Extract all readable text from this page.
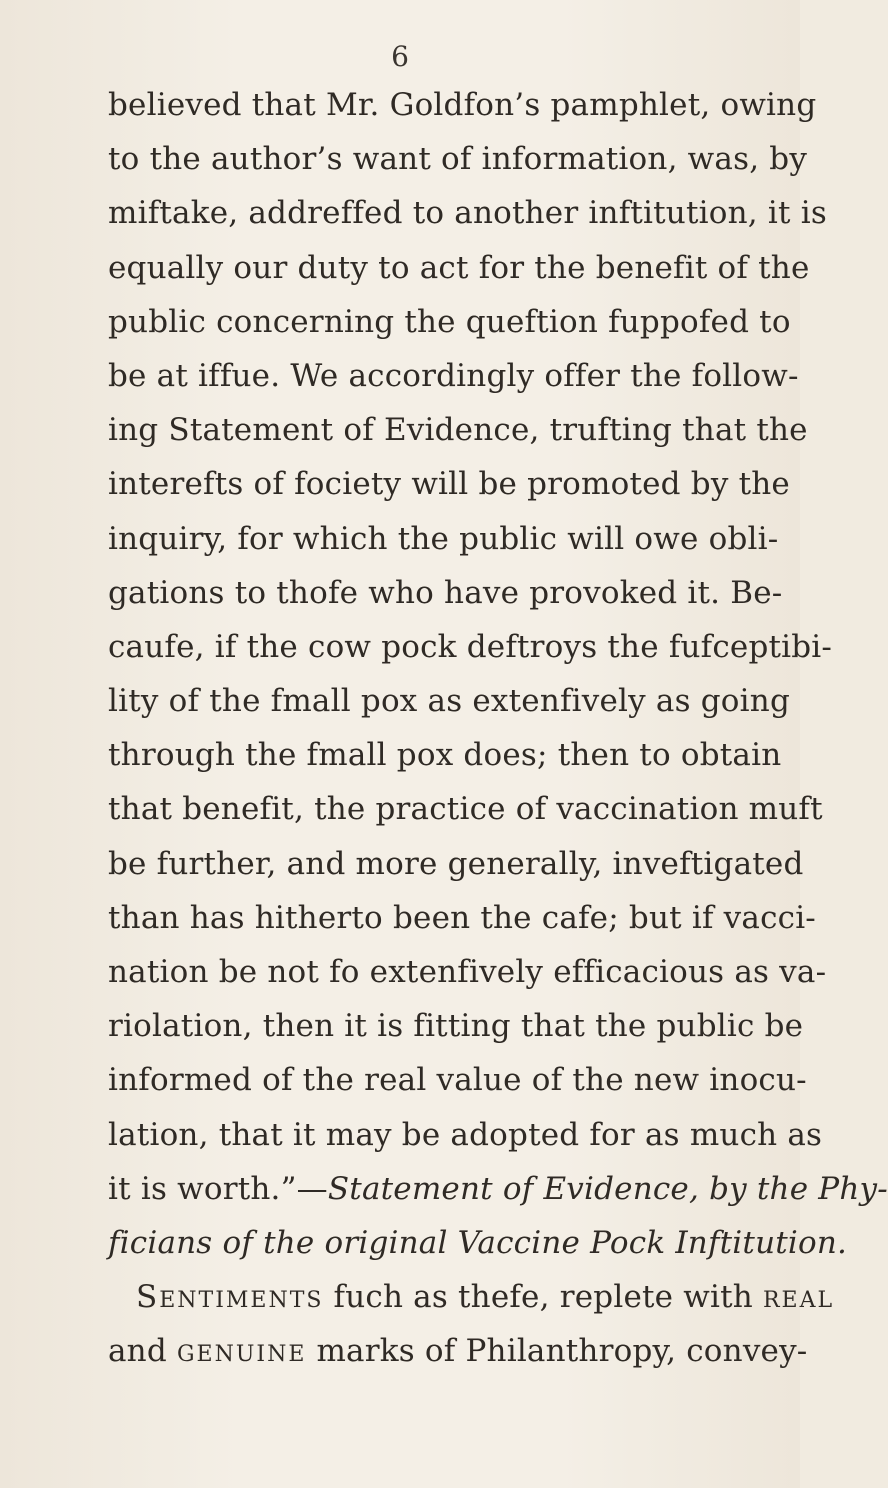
6
believed that Mr. Goldfon’s pamphlet, owing
to the author’s want of information, was, by
miftake, addreffed to another inftitution, it is
equally our duty to act for the benefit of the
public concerning the queftion fuppofed to
be at iffue. We accordingly offer the follow-
ing Statement of Evidence, trufting that the
interefts of fociety will be promoted by the
inquiry, for which the public will owe obli-
gations to thofe who have provoked it. Be-
caufe, if the cow pock deftroys the fufceptibi-
lity of the fmall pox as extenfively as going
through the fmall pox does; then to obtain
that benefit, the practice of vaccination muft
be further, and more generally, inveftigated
than has hitherto been the cafe; but if vacci-
nation be not fo extenfively efficacious as va-
riolation, then it is fitting that the public be
informed of the real value of the new inocu-
lation, that it may be adopted for as much as
it is worth.”—Statement of Evidence, by the Phy-
ficians of the original Vaccine Pock Inftitution.
Sentiments fuch as thefe, replete with real
and genuine marks of Philanthropy, convey-
